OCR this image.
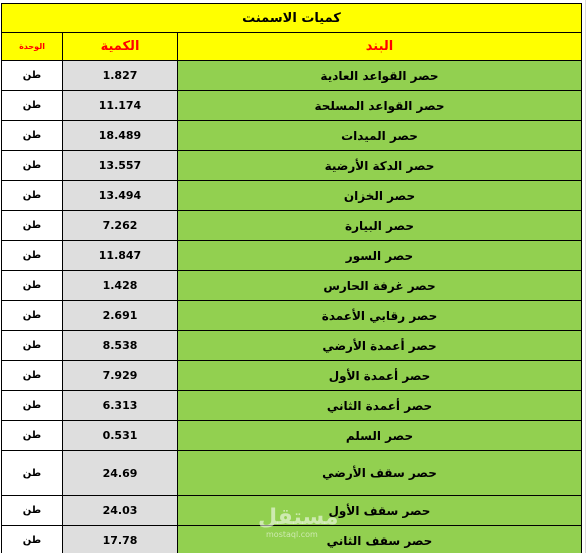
كميات الاسمنت		
الوحدة	الكمية	البند
طن	1.827	حصر القواعد العادية
طن	11.174	حصر القواعد المسلحة
طن	18.489	حصر الميدات
طن	13.557	حصر الدكة الأرضية
طن	13.494	حصر الخزان
طن	7.262	حصر البيارة
طن	11.847	حصر السور
طن	1.428	حصر غرفة الحارس
طن	2.691	حصر رقابي الأعمدة
طن	8.538	حصر أعمدة الأرضي
طن	7.929	حصر أعمدة الأول
طن	6.313	حصر أعمدة الثاني
طن	0.531	حصر السلم
طن	24.69	حصر سقف الأرضي
طن	24.03	حصر سقف الأول
طن	17.78	حصر سقف الثاني
مستقل
mostaql.com
